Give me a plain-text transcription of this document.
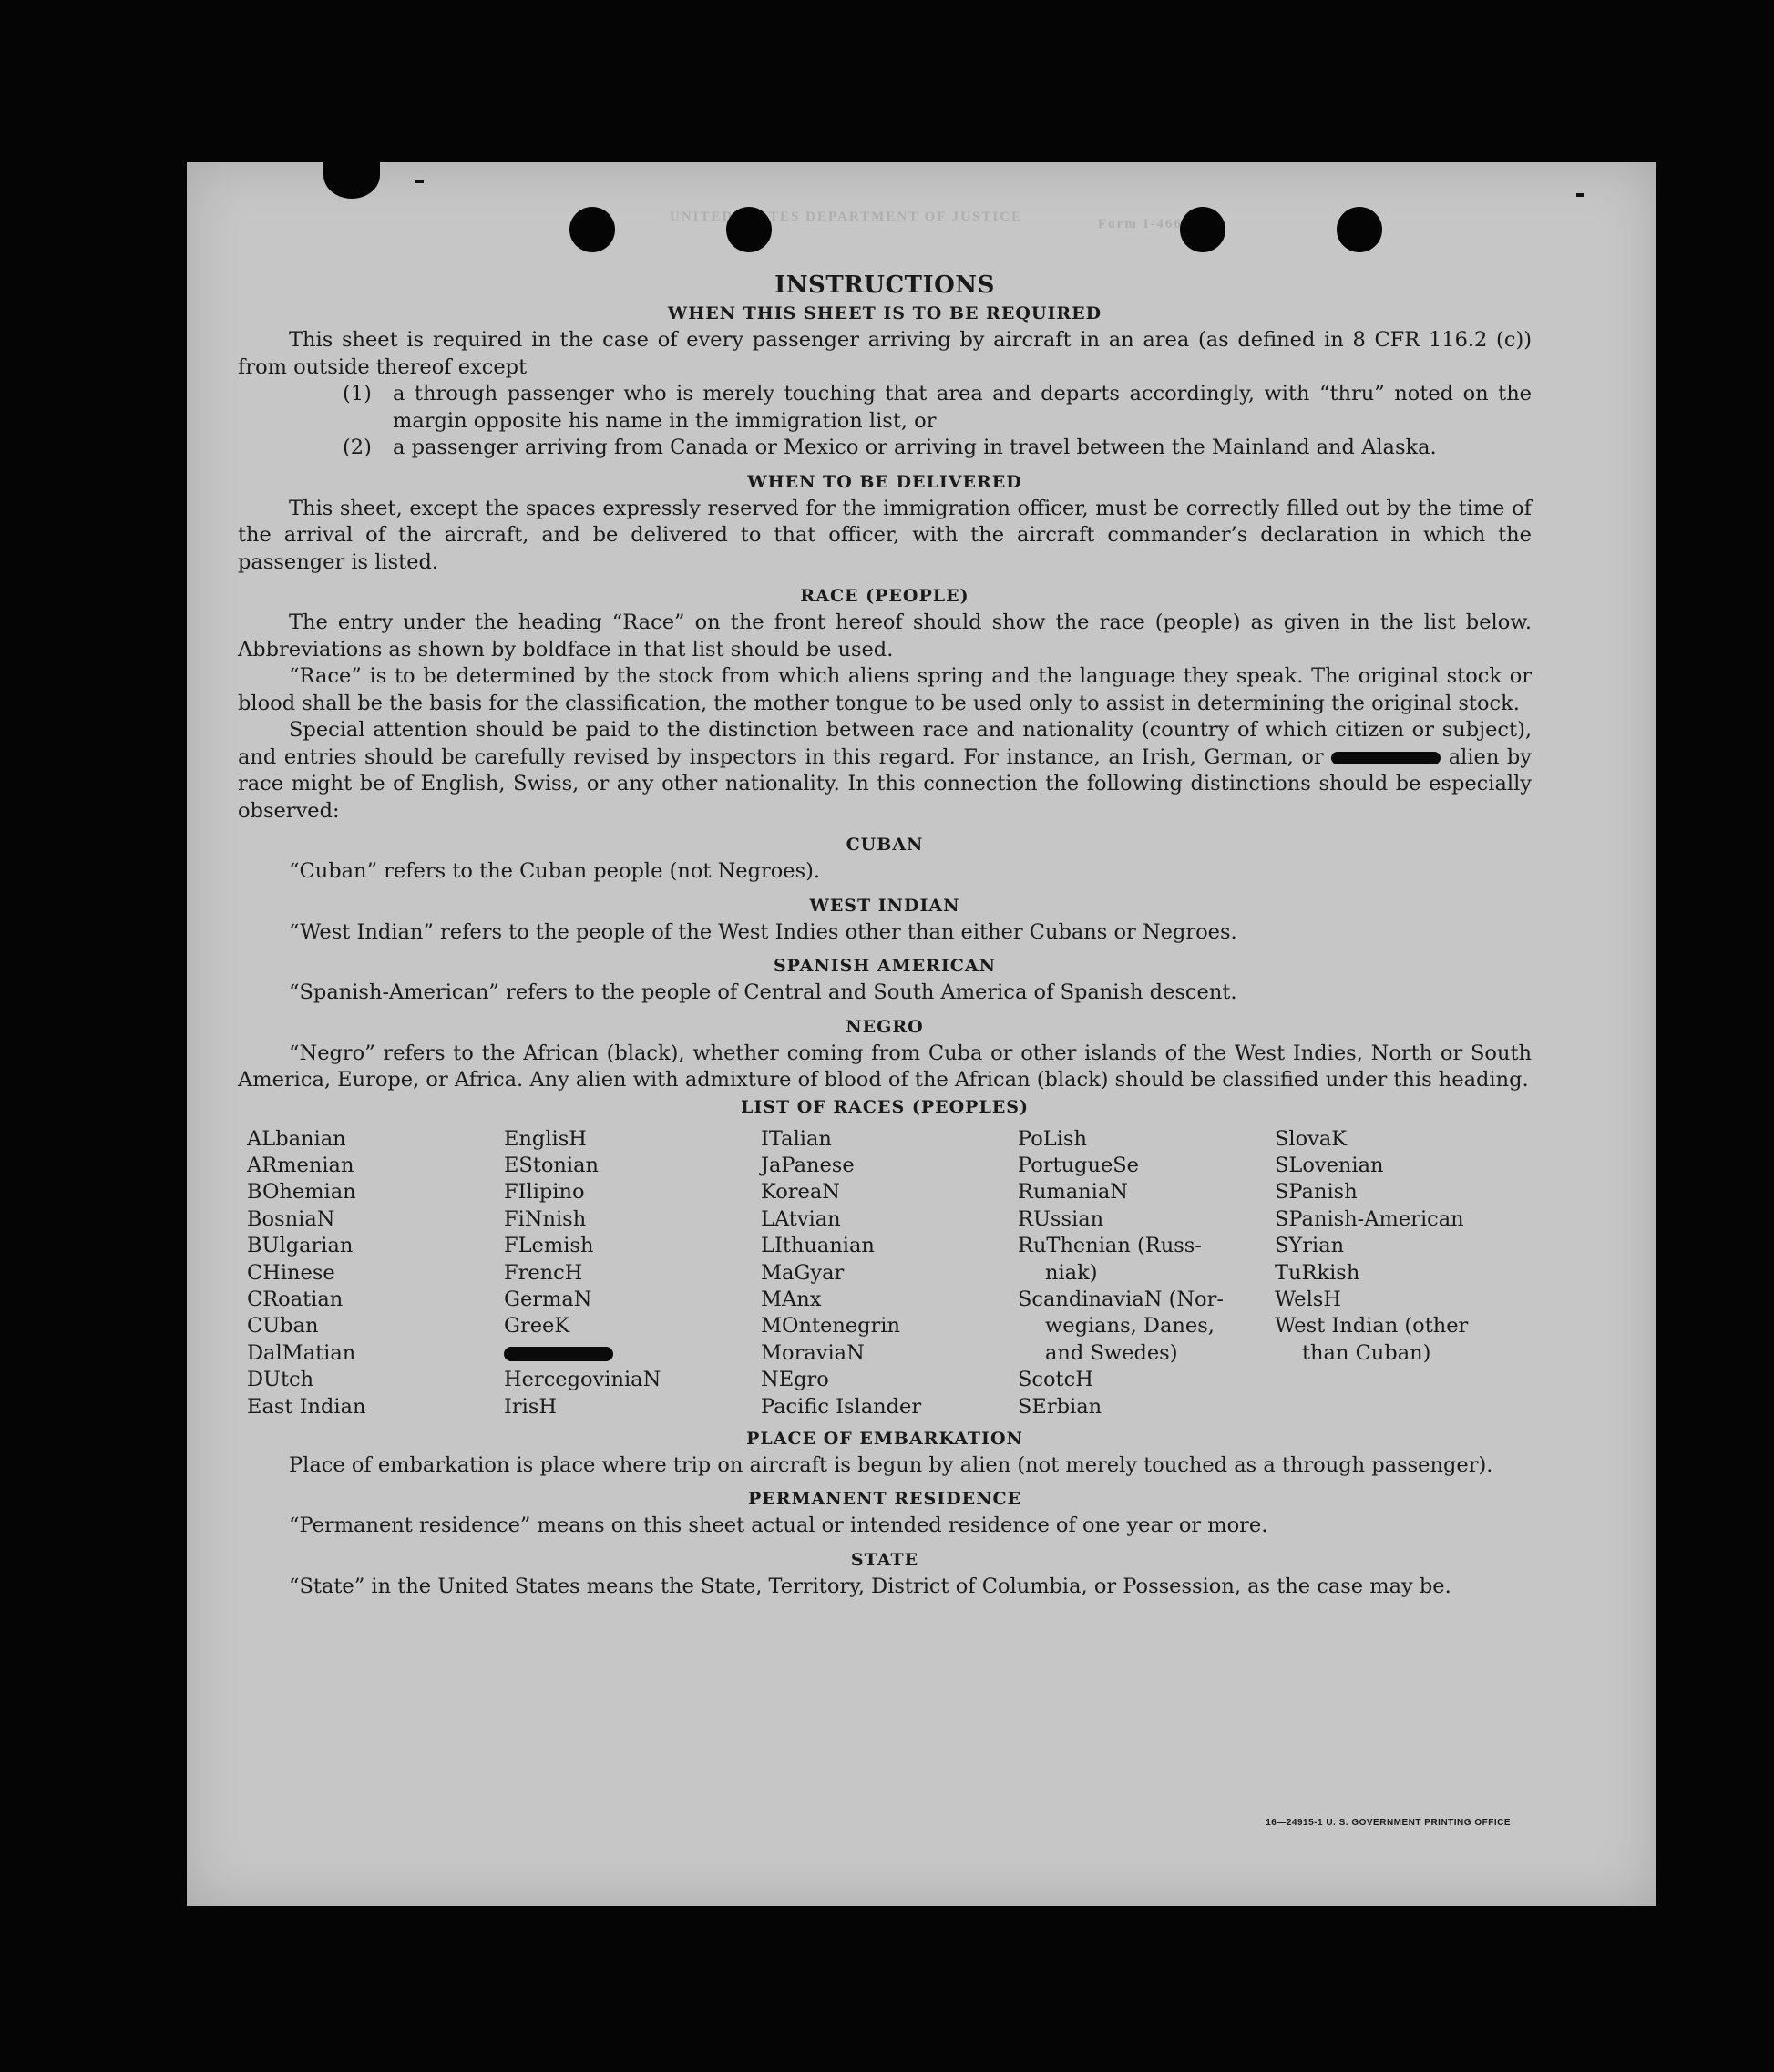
UNITED STATES DEPARTMENT OF JUSTICE	Form I-466
INSTRUCTIONS
WHEN THIS SHEET IS TO BE REQUIRED

This sheet is required in the case of every passenger arriving by aircraft in an area (as defined in 8 CFR 116.2 (c)) from outside thereof except

(1)	a through passenger who is merely touching that area and departs accordingly, with “thru” noted on the margin opposite his name in the immigration list, or
(2)	a passenger arriving from Canada or Mexico or arriving in travel between the Mainland and Alaska.
WHEN TO BE DELIVERED

This sheet, except the spaces expressly reserved for the immigration officer, must be correctly filled out by the time of the arrival of the aircraft, and be delivered to that officer, with the aircraft commander’s declaration in which the passenger is listed.

RACE (PEOPLE)

The entry under the heading “Race” on the front hereof should show the race (people) as given in the list below. Abbreviations as shown by boldface in that list should be used.

“Race” is to be determined by the stock from which aliens spring and the language they speak. The original stock or blood shall be the basis for the classification, the mother tongue to be used only to assist in determining the original stock.

Special attention should be paid to the distinction between race and nationality (country of which citizen or subject), and entries should be carefully revised by inspectors in this regard. For instance, an Irish, German, or	alien by race might be of English, Swiss, or any other nationality. In this connection the following distinctions should be especially observed:

CUBAN

“Cuban” refers to the Cuban people (not Negroes).

WEST INDIAN

“West Indian” refers to the people of the West Indies other than either Cubans or Negroes.

SPANISH AMERICAN

“Spanish-American” refers to the people of Central and South America of Spanish descent.

NEGRO

“Negro” refers to the African (black), whether coming from Cuba or other islands of the West Indies, North or South America, Europe, or Africa. Any alien with admixture of blood of the African (black) should be classified under this heading.

LIST OF RACES (PEOPLES)
ALbanian
ARmenian
BOhemian
BosniaN
BUlgarian
CHinese
CRoatian
CUban
DalMatian
DUtch
East Indian
EnglisH
EStonian
FIlipino
FiNnish
FLemish
FrencH
GermaN
GreeK
HercegoviniaN
IrisH
ITalian
JaPanese
KoreaN
LAtvian
LIthuanian
MaGyar
MAnx
MOntenegrin
MoraviaN
NEgro
Pacific Islander
PoLish
PortugueSe
RumaniaN
RUssian
RuThenian (Russ-
niak)
ScandinaviaN (Nor-
wegians, Danes,
and Swedes)
ScotcH
SErbian
SlovaK
SLovenian
SPanish
SPanish-American
SYrian
TuRkish
WelsH
West Indian (other
than Cuban)

PLACE OF EMBARKATION

Place of embarkation is place where trip on aircraft is begun by alien (not merely touched as a through passenger).

PERMANENT RESIDENCE

“Permanent residence” means on this sheet actual or intended residence of one year or more.

STATE

“State” in the United States means the State, Territory, District of Columbia, or Possession, as the case may be.

16—24915-1 U. S. GOVERNMENT PRINTING OFFICE
